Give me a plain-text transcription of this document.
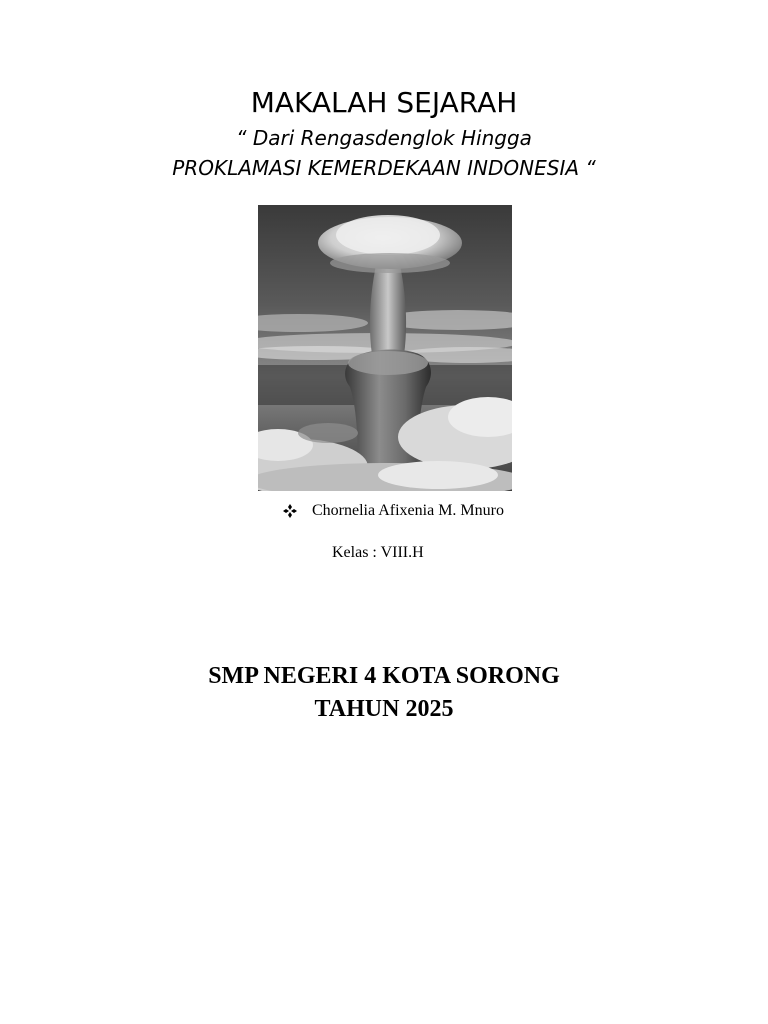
MAKALAH SEJARAH
“ Dari Rengasdenglok Hingga
PROKLAMASI KEMERDEKAAN INDONESIA “
Chornelia Afixenia M. Mnuro
Kelas : VIII.H
SMP NEGERI 4 KOTA SORONG
TAHUN 2025
